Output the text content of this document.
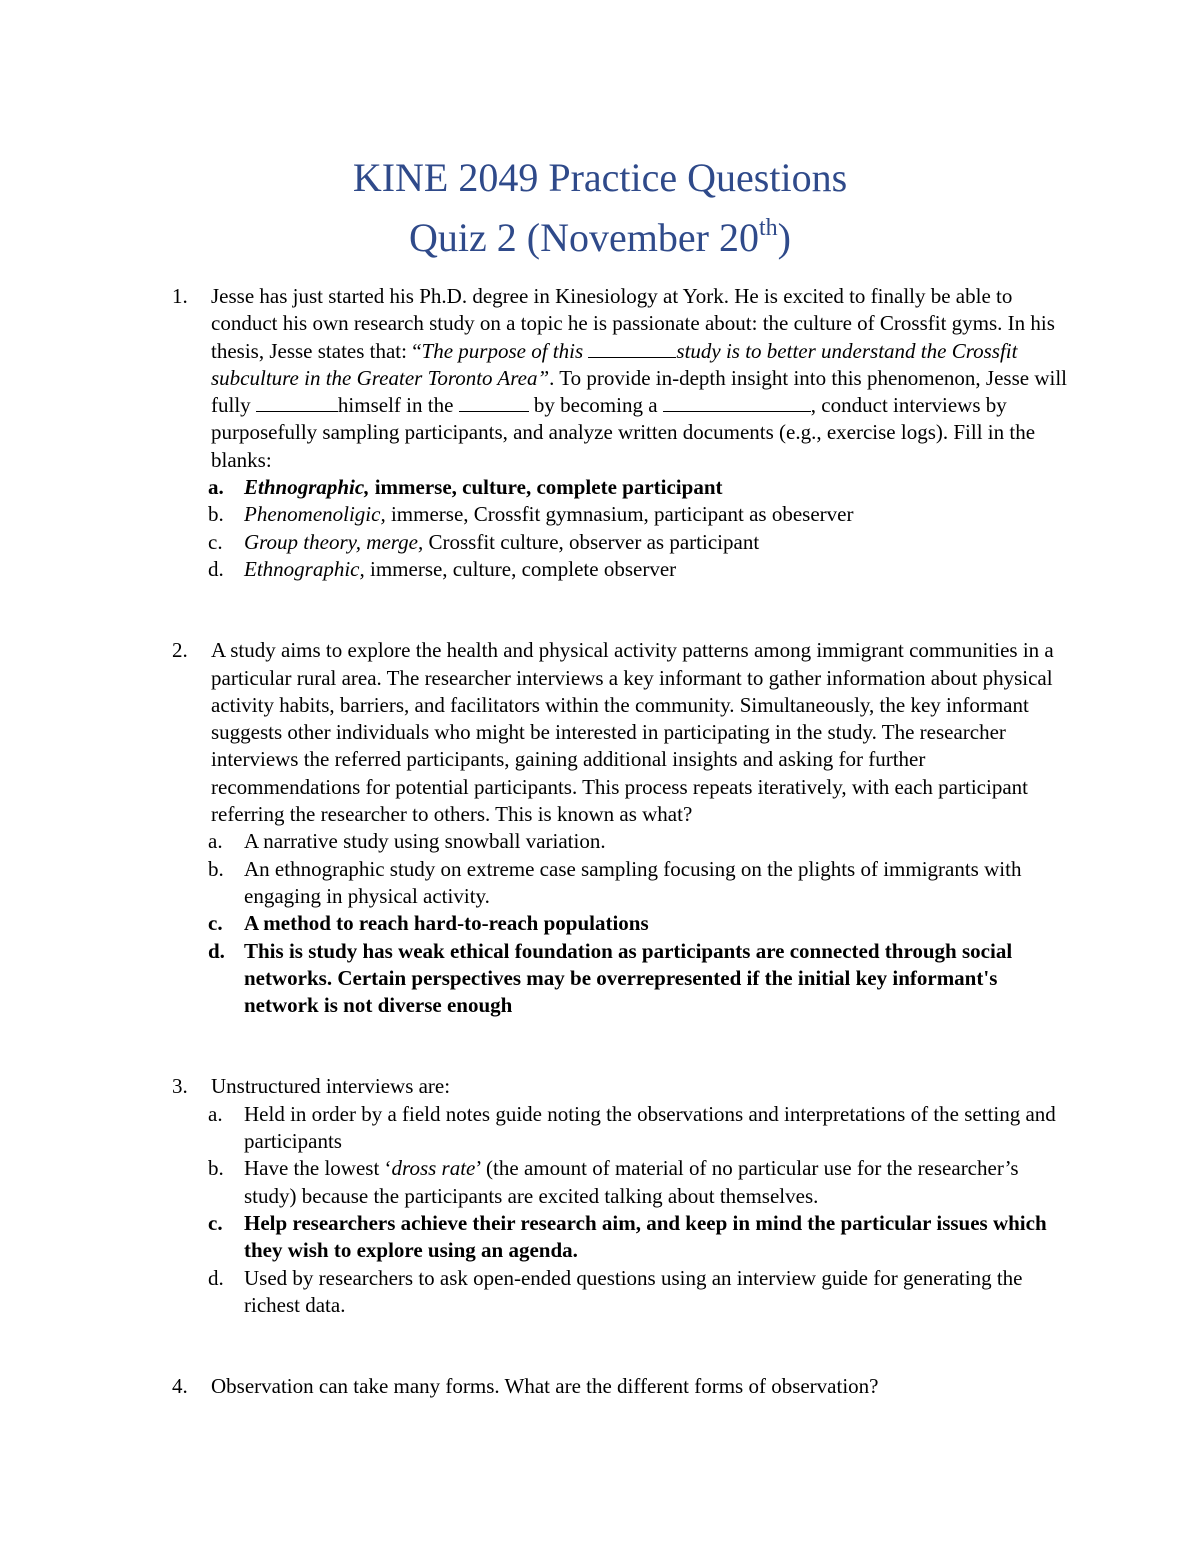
KINE 2049 Practice Questions
Quiz 2 (November 20th)
1. Jesse has just started his Ph.D. degree in Kinesiology at York. He is excited to finally be able to conduct his own research study on a topic he is passionate about: the culture of Crossfit gyms. In his thesis, Jesse states that: “The purpose of this	study is to better understand the Crossfit subculture in the Greater Toronto Area”. To provide in-depth insight into this phenomenon, Jesse will fully	himself in the	by becoming a	, conduct interviews by purposefully sampling participants, and analyze written documents (e.g., exercise logs). Fill in the blanks:
a. Ethnographic, immerse, culture, complete participant
b. Phenomenoligic, immerse, Crossfit gymnasium, participant as obeserver
c. Group theory, merge, Crossfit culture, observer as participant
d. Ethnographic, immerse, culture, complete observer
2. A study aims to explore the health and physical activity patterns among immigrant communities in a particular rural area. The researcher interviews a key informant to gather information about physical activity habits, barriers, and facilitators within the community. Simultaneously, the key informant suggests other individuals who might be interested in participating in the study. The researcher interviews the referred participants, gaining additional insights and asking for further recommendations for potential participants. This process repeats iteratively, with each participant referring the researcher to others. This is known as what?
a. A narrative study using snowball variation.
b. An ethnographic study on extreme case sampling focusing on the plights of immigrants with engaging in physical activity.
c. A method to reach hard-to-reach populations
d. This is study has weak ethical foundation as participants are connected through social networks. Certain perspectives may be overrepresented if the initial key informant's network is not diverse enough
3. Unstructured interviews are:
a. Held in order by a field notes guide noting the observations and interpretations of the setting and participants
b. Have the lowest ‘dross rate’ (the amount of material of no particular use for the researcher’s study) because the participants are excited talking about themselves.
c. Help researchers achieve their research aim, and keep in mind the particular issues which they wish to explore using an agenda.
d. Used by researchers to ask open-ended questions using an interview guide for generating the richest data.
4. Observation can take many forms. What are the different forms of observation?
